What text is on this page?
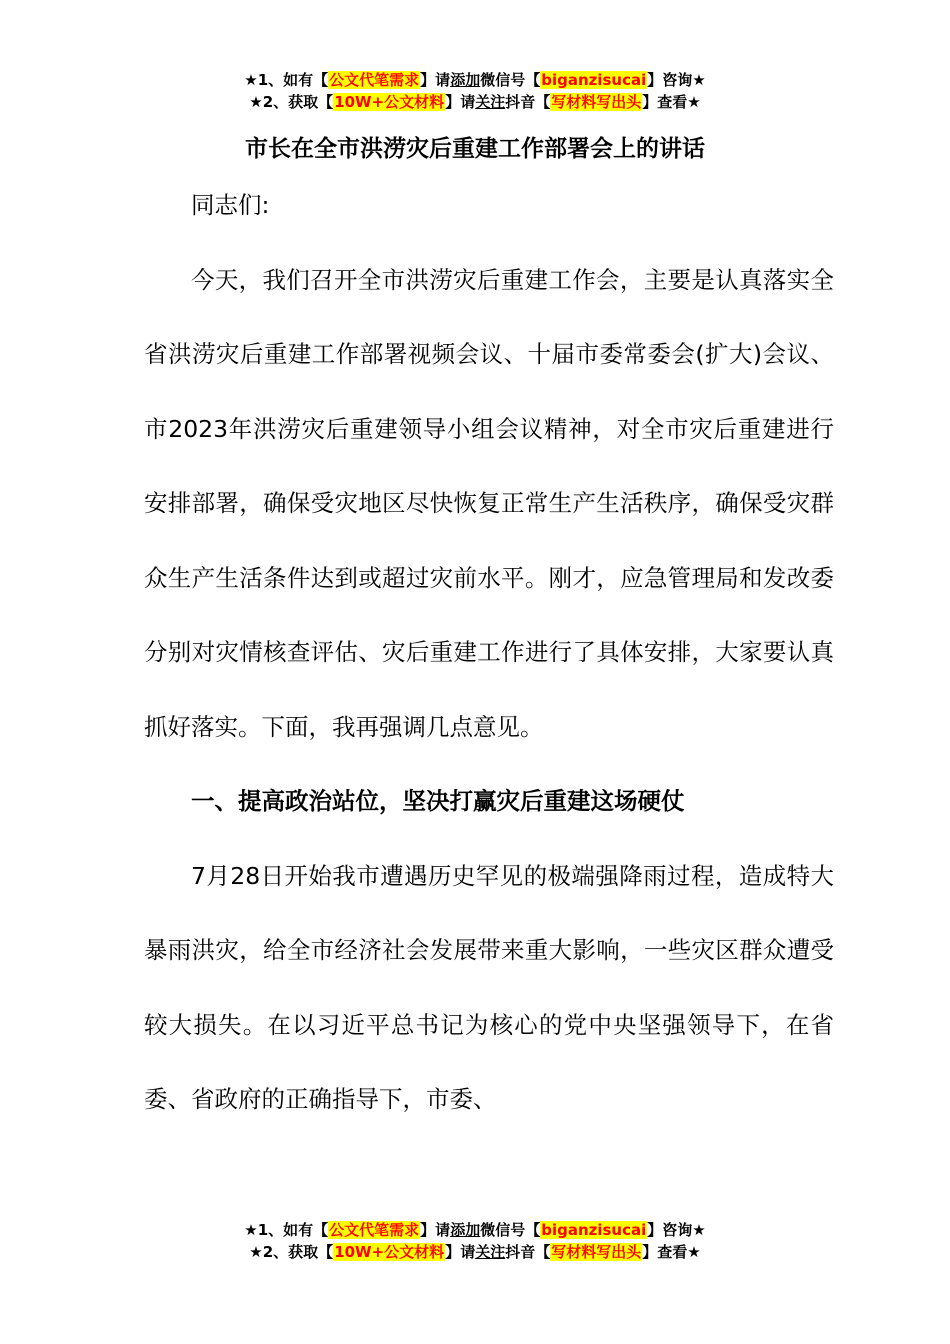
★1、如有【公文代笔需求】请添加微信号【biganzisucai】咨询★
★2、获取【10W+公文材料】请关注抖音【写材料写出头】查看★
市长在全市洪涝灾后重建工作部署会上的讲话

同志们:

今天，我们召开全市洪涝灾后重建工作会，主要是认真落实全省洪涝灾后重建工作部署视频会议、十届市委常委会(扩大)会议、市2023年洪涝灾后重建领导小组会议精神，对全市灾后重建进行安排部署，确保受灾地区尽快恢复正常生产生活秩序，确保受灾群众生产生活条件达到或超过灾前水平。刚才，应急管理局和发改委分别对灾情核查评估、灾后重建工作进行了具体安排，大家要认真抓好落实。下面，我再强调几点意见。

一、提高政治站位，坚决打赢灾后重建这场硬仗

7月28日开始我市遭遇历史罕见的极端强降雨过程，造成特大暴雨洪灾，给全市经济社会发展带来重大影响，一些灾区群众遭受较大损失。在以习近平总书记为核心的党中央坚强领导下，在省委、省政府的正确指导下，市委、

★1、如有【公文代笔需求】请添加微信号【biganzisucai】咨询★
★2、获取【10W+公文材料】请关注抖音【写材料写出头】查看★
